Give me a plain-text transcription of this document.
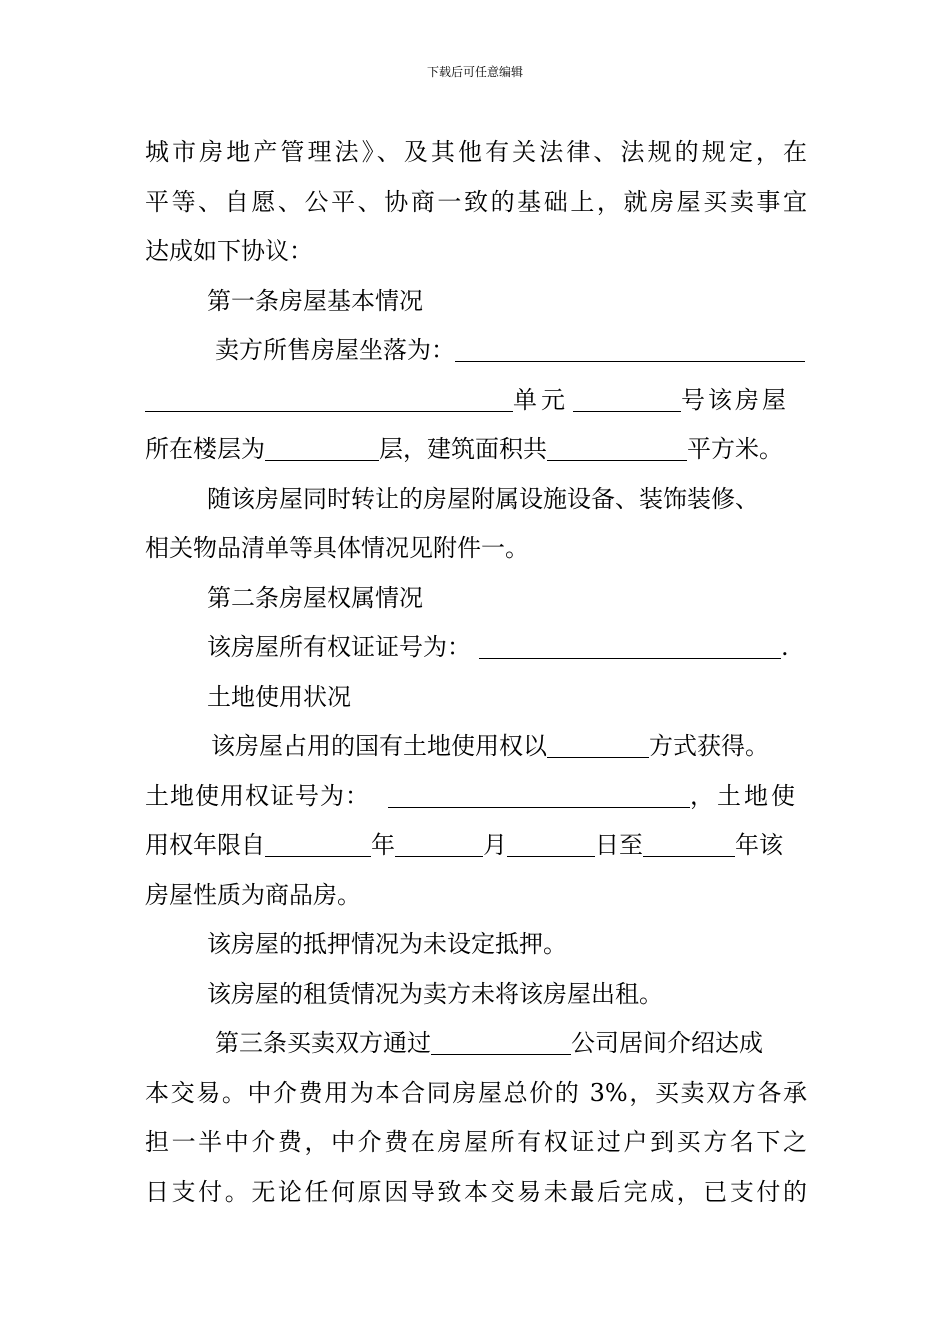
下载后可任意编辑
城市房地产管理法》、及其他有关法律、法规的规定，在
平等、自愿、公平、协商一致的基础上，就房屋买卖事宜
达成如下协议：
第一条房屋基本情况
卖方所售房屋坐落为：
单元	号该房屋
所在楼层为	层，建筑面积共	平方米。
随该房屋同时转让的房屋附属设施设备、装饰装修、
相关物品清单等具体情况见附件一。
第二条房屋权属情况
该房屋所有权证证号为：	.
土地使用状况
该房屋占用的国有土地使用权以	方式获得。
土地使用权证号为：	，土地使
用权年限自	年	月	日至	年该
房屋性质为商品房。
该房屋的抵押情况为未设定抵押。
该房屋的租赁情况为卖方未将该房屋出租。
第三条买卖双方通过	公司居间介绍达成
本交易。中介费用为本合同房屋总价的 3%，买卖双方各承
担一半中介费，中介费在房屋所有权证过户到买方名下之
日支付。无论任何原因导致本交易未最后完成，已支付的
